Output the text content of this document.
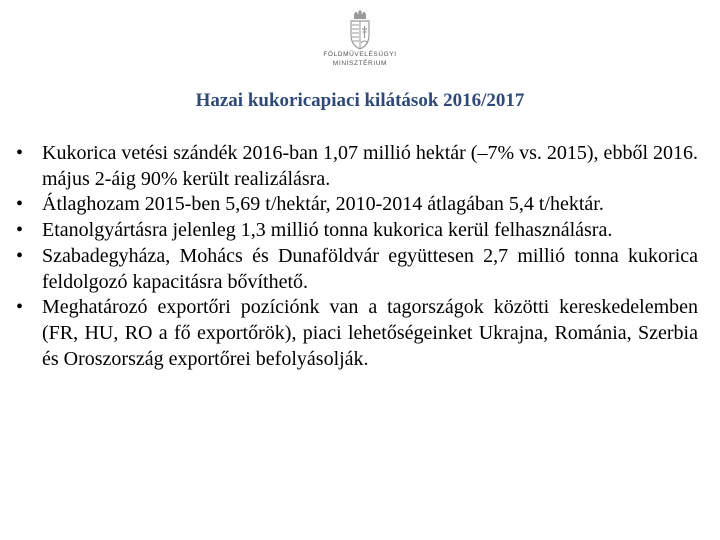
FÖLDMŰVELÉSÜGYI
MINISZTÉRIUM
Hazai kukoricapiaci kilátások 2016/2017
• Kukorica vetési szándék 2016-ban 1,07 millió hektár (–7% vs. 2015), ebből 2016. május 2-áig 90% került realizálásra.
• Átlaghozam 2015-ben 5,69 t/hektár, 2010-2014 átlagában 5,4 t/hektár.
• Etanolgyártásra jelenleg 1,3 millió tonna kukorica kerül felhasználásra.
• Szabadegyháza, Mohács és Dunaföldvár együttesen 2,7 millió tonna kukorica feldolgozó kapacitásra bővíthető.
• Meghatározó exportőri pozíciónk van a tagországok közötti kereskedelemben (FR, HU, RO a fő exportőrök), piaci lehetőségeinket Ukrajna, Románia, Szerbia és Oroszország exportőrei befolyásolják.
